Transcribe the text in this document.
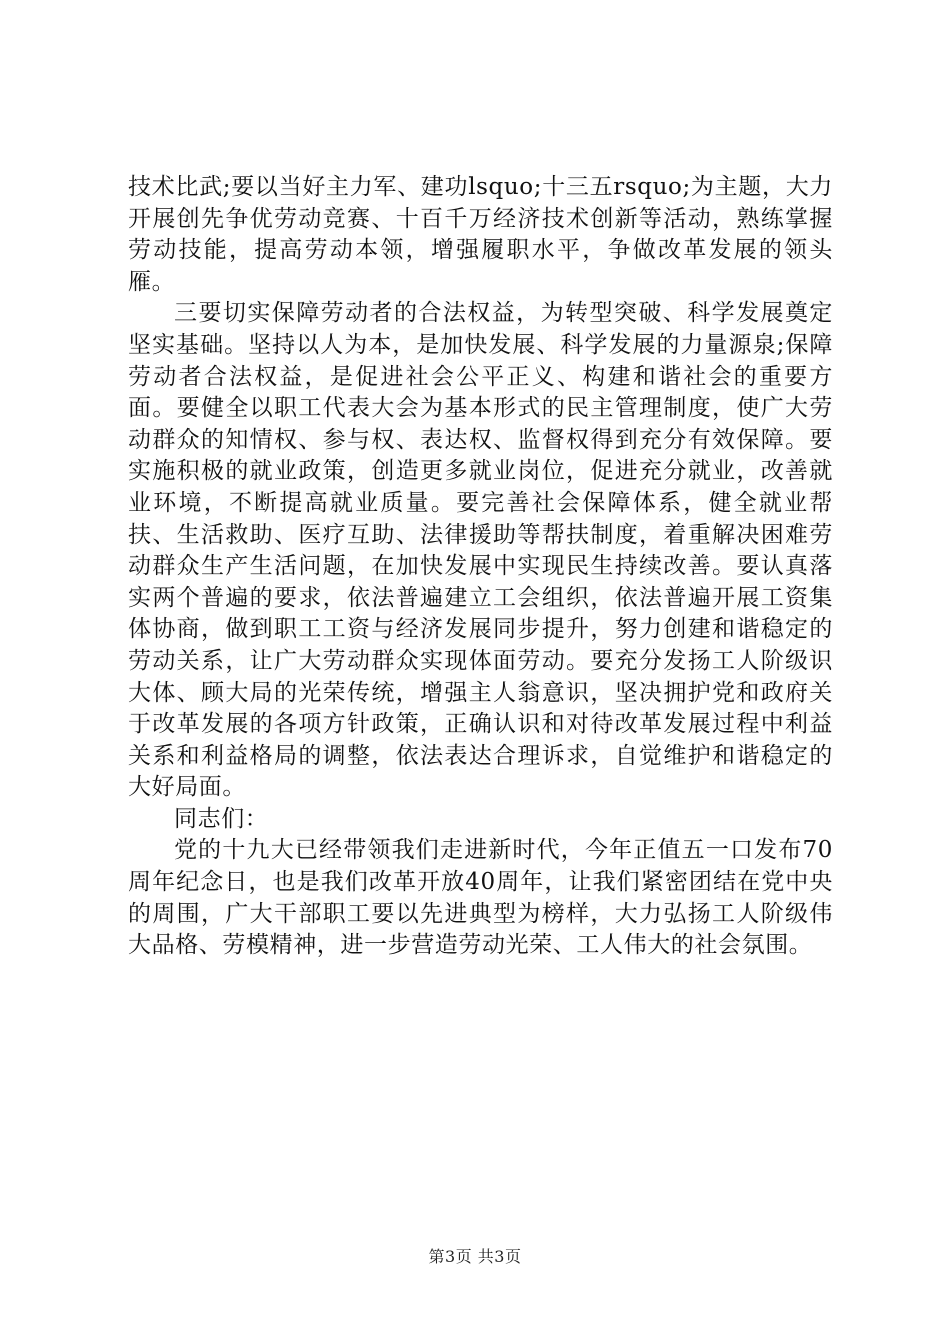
技术比武;要以当好主力军、建功lsquo;十三五rsquo;为主题，大力开展创先争优劳动竞赛、十百千万经济技术创新等活动，熟练掌握劳动技能，提高劳动本领，增强履职水平，争做改革发展的领头雁。

三要切实保障劳动者的合法权益，为转型突破、科学发展奠定坚实基础。坚持以人为本，是加快发展、科学发展的力量源泉;保障劳动者合法权益，是促进社会公平正义、构建和谐社会的重要方面。要健全以职工代表大会为基本形式的民主管理制度，使广大劳动群众的知情权、参与权、表达权、监督权得到充分有效保障。要实施积极的就业政策，创造更多就业岗位，促进充分就业，改善就业环境，不断提高就业质量。要完善社会保障体系，健全就业帮扶、生活救助、医疗互助、法律援助等帮扶制度，着重解决困难劳动群众生产生活问题，在加快发展中实现民生持续改善。要认真落实两个普遍的要求，依法普遍建立工会组织，依法普遍开展工资集体协商，做到职工工资与经济发展同步提升，努力创建和谐稳定的劳动关系，让广大劳动群众实现体面劳动。要充分发扬工人阶级识大体、顾大局的光荣传统，增强主人翁意识，坚决拥护党和政府关于改革发展的各项方针政策，正确认识和对待改革发展过程中利益关系和利益格局的调整，依法表达合理诉求，自觉维护和谐稳定的大好局面。

同志们：

党的十九大已经带领我们走进新时代，今年正值五一口发布70周年纪念日，也是我们改革开放40周年，让我们紧密团结在党中央的周围，广大干部职工要以先进典型为榜样，大力弘扬工人阶级伟大品格、劳模精神，进一步营造劳动光荣、工人伟大的社会氛围。

第3页 共3页
